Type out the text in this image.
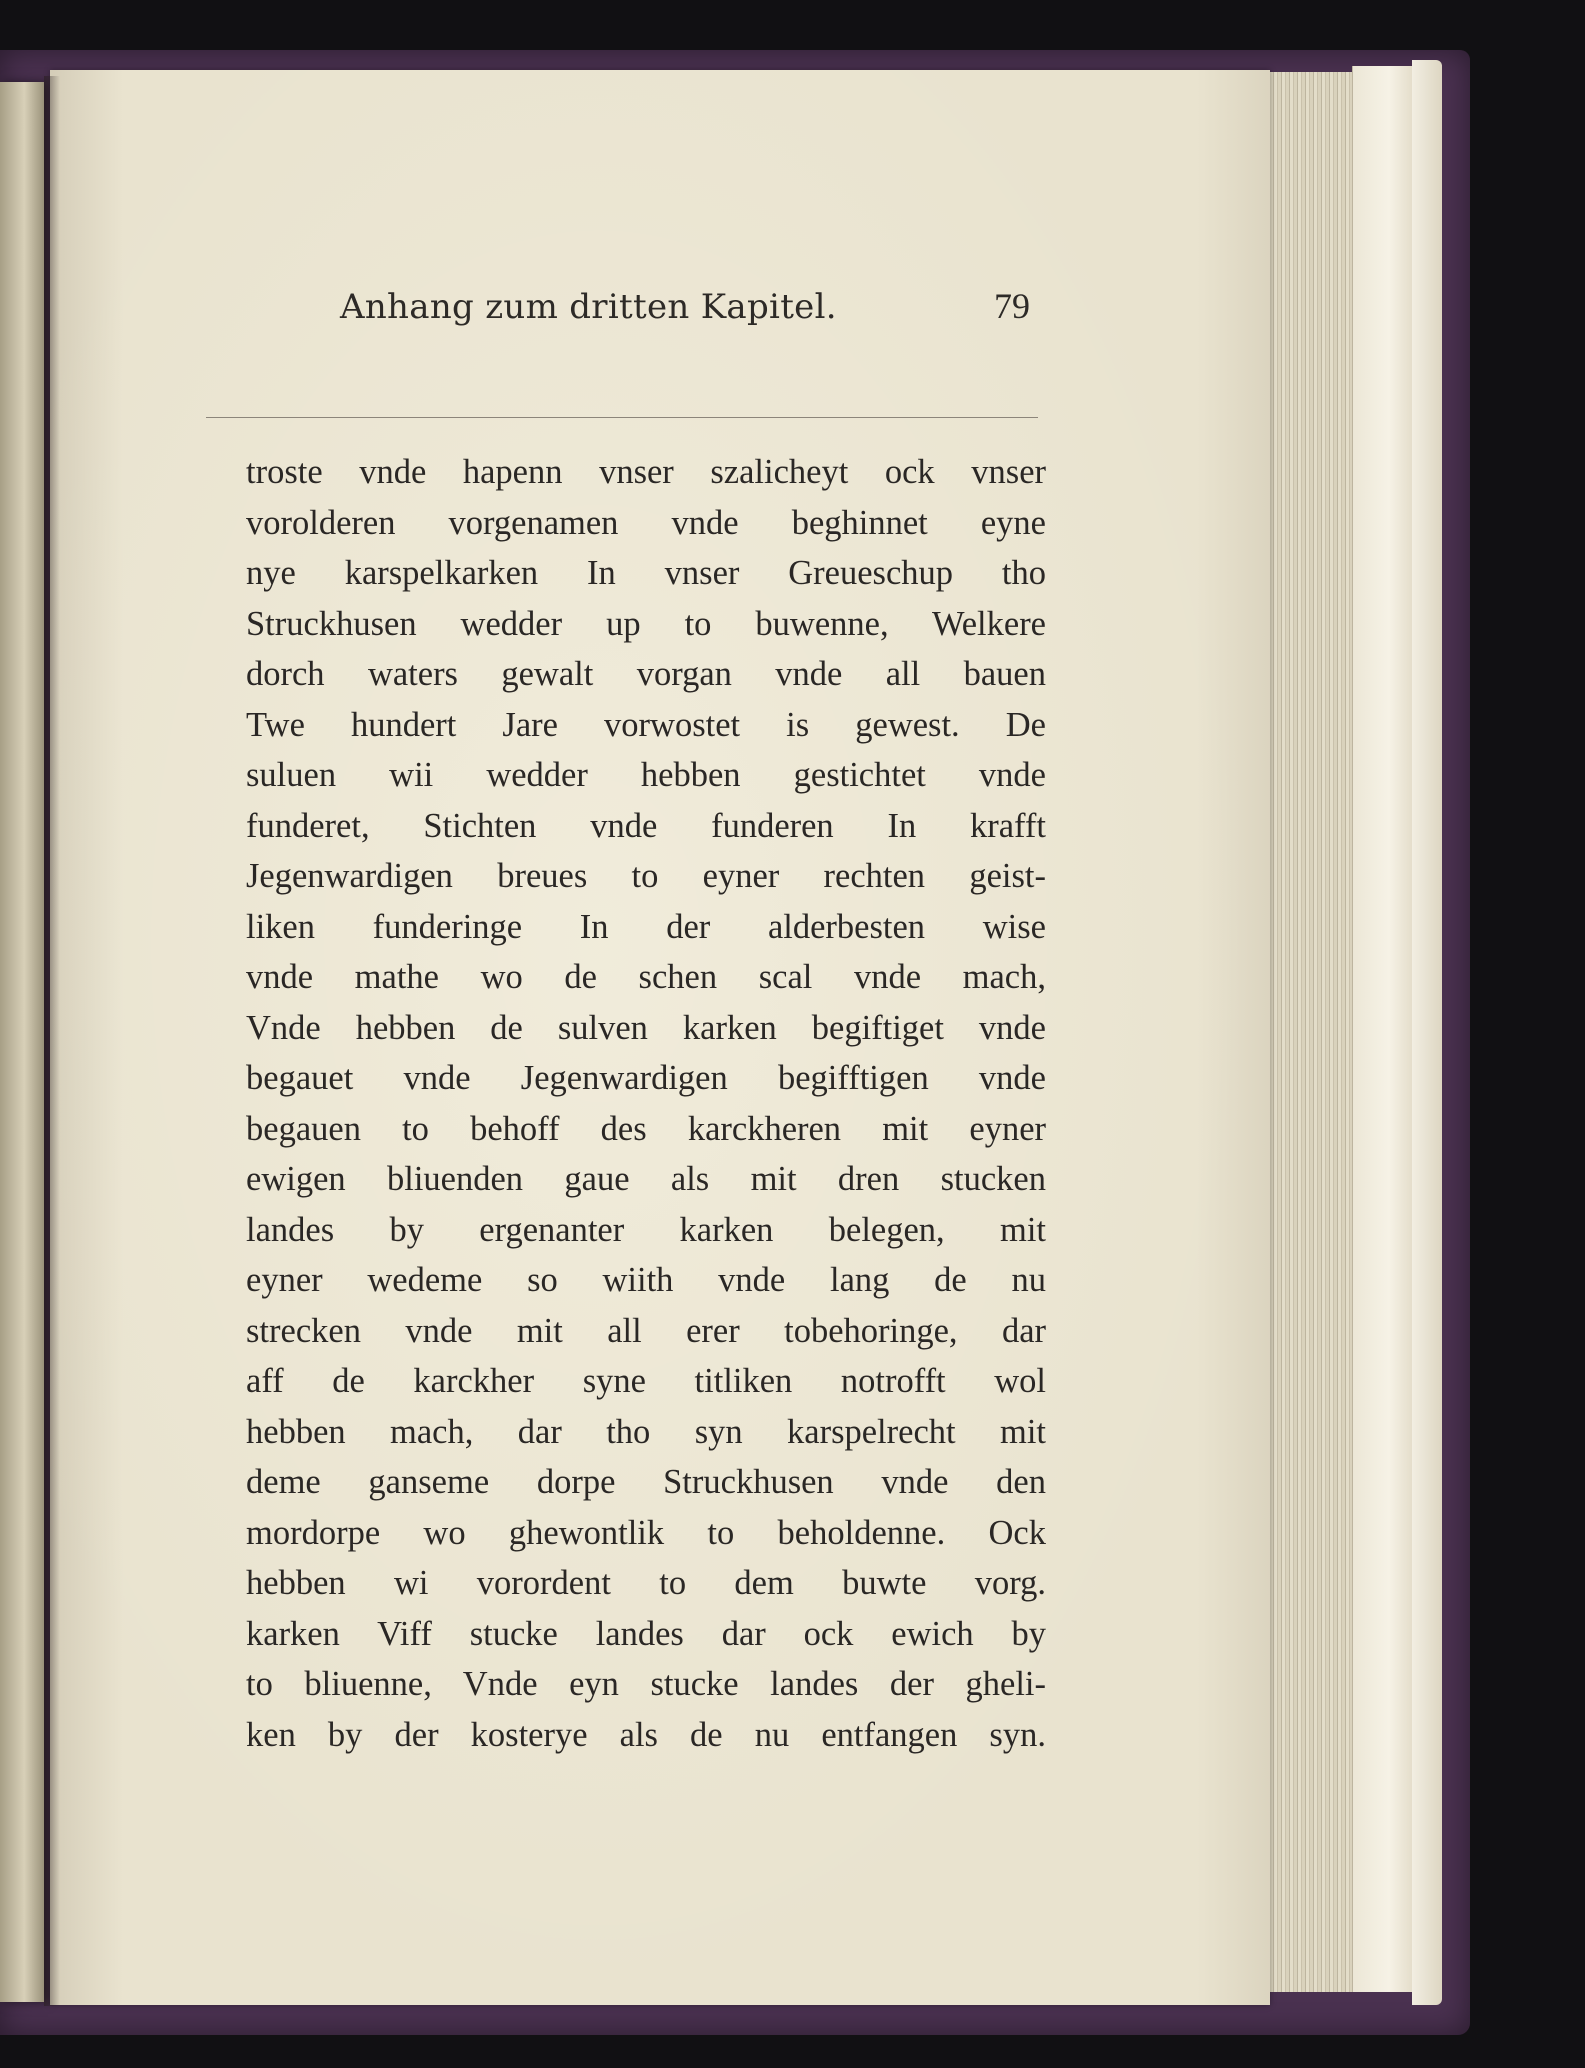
Anhang zum dritten Kapitel.	79
troste vnde hapenn vnser szalicheyt ock vnser
vorolderen vorgenamen vnde beghinnet eyne
nye karspelkarken In vnser Greueschup tho
Struckhusen wedder up to buwenne, Welkere
dorch waters gewalt vorgan vnde all bauen
Twe hundert Jare vorwostet is gewest. De
suluen wii wedder hebben gestichtet vnde
funderet, Stichten vnde funderen In krafft
Jegenwardigen breues to eyner rechten geist-
liken funderinge In der alderbesten wise
vnde mathe wo de schen scal vnde mach,
Vnde hebben de sulven karken begiftiget vnde
begauet vnde Jegenwardigen begifftigen vnde
begauen to behoff des karckheren mit eyner
ewigen bliuenden gaue als mit dren stucken
landes by ergenanter karken belegen, mit
eyner wedeme so wiith vnde lang de nu
strecken vnde mit all erer tobehoringe, dar
aff de karckher syne titliken notrofft wol
hebben mach, dar tho syn karspelrecht mit
deme ganseme dorpe Struckhusen vnde den
mordorpe wo ghewontlik to beholdenne. Ock
hebben wi vorordent to dem buwte vorg.
karken Viff stucke landes dar ock ewich by
to bliuenne, Vnde eyn stucke landes der gheli-
ken by der kosterye als de nu entfangen syn.
